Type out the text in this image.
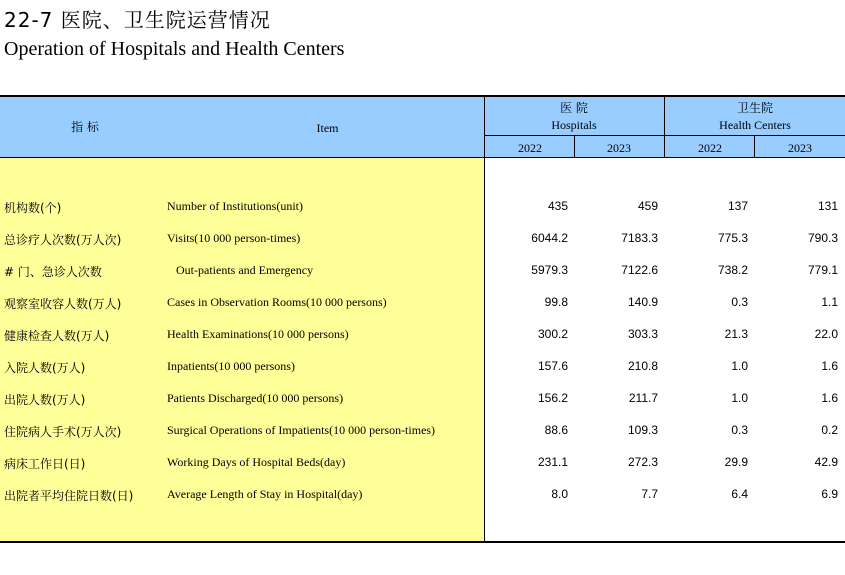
22-7 医院、卫生院运营情况
Operation of Hospitals and Health Centers
指 标	Item
医 院
Hospitals
卫生院
Health Centers
2022	2023	2022	2023
机构数(个)	Number of Institutions(unit)	435	459	137	131
总诊疗人次数(万人次)	Visits(10 000 person-times)	6044.2	7183.3	775.3	790.3
# 门、急诊人次数	Out-patients and Emergency	5979.3	7122.6	738.2	779.1
观察室收容人数(万人)	Cases in Observation Rooms(10 000 persons)	99.8	140.9	0.3	1.1
健康检查人数(万人)	Health Examinations(10 000 persons)	300.2	303.3	21.3	22.0
入院人数(万人)	Inpatients(10 000 persons)	157.6	210.8	1.0	1.6
出院人数(万人)	Patients Discharged(10 000 persons)	156.2	211.7	1.0	1.6
住院病人手术(万人次)	Surgical Operations of Impatients(10 000 person-times)	88.6	109.3	0.3	0.2
病床工作日(日)	Working Days of Hospital Beds(day)	231.1	272.3	29.9	42.9
出院者平均住院日数(日)	Average Length of Stay in Hospital(day)	8.0	7.7	6.4	6.9
